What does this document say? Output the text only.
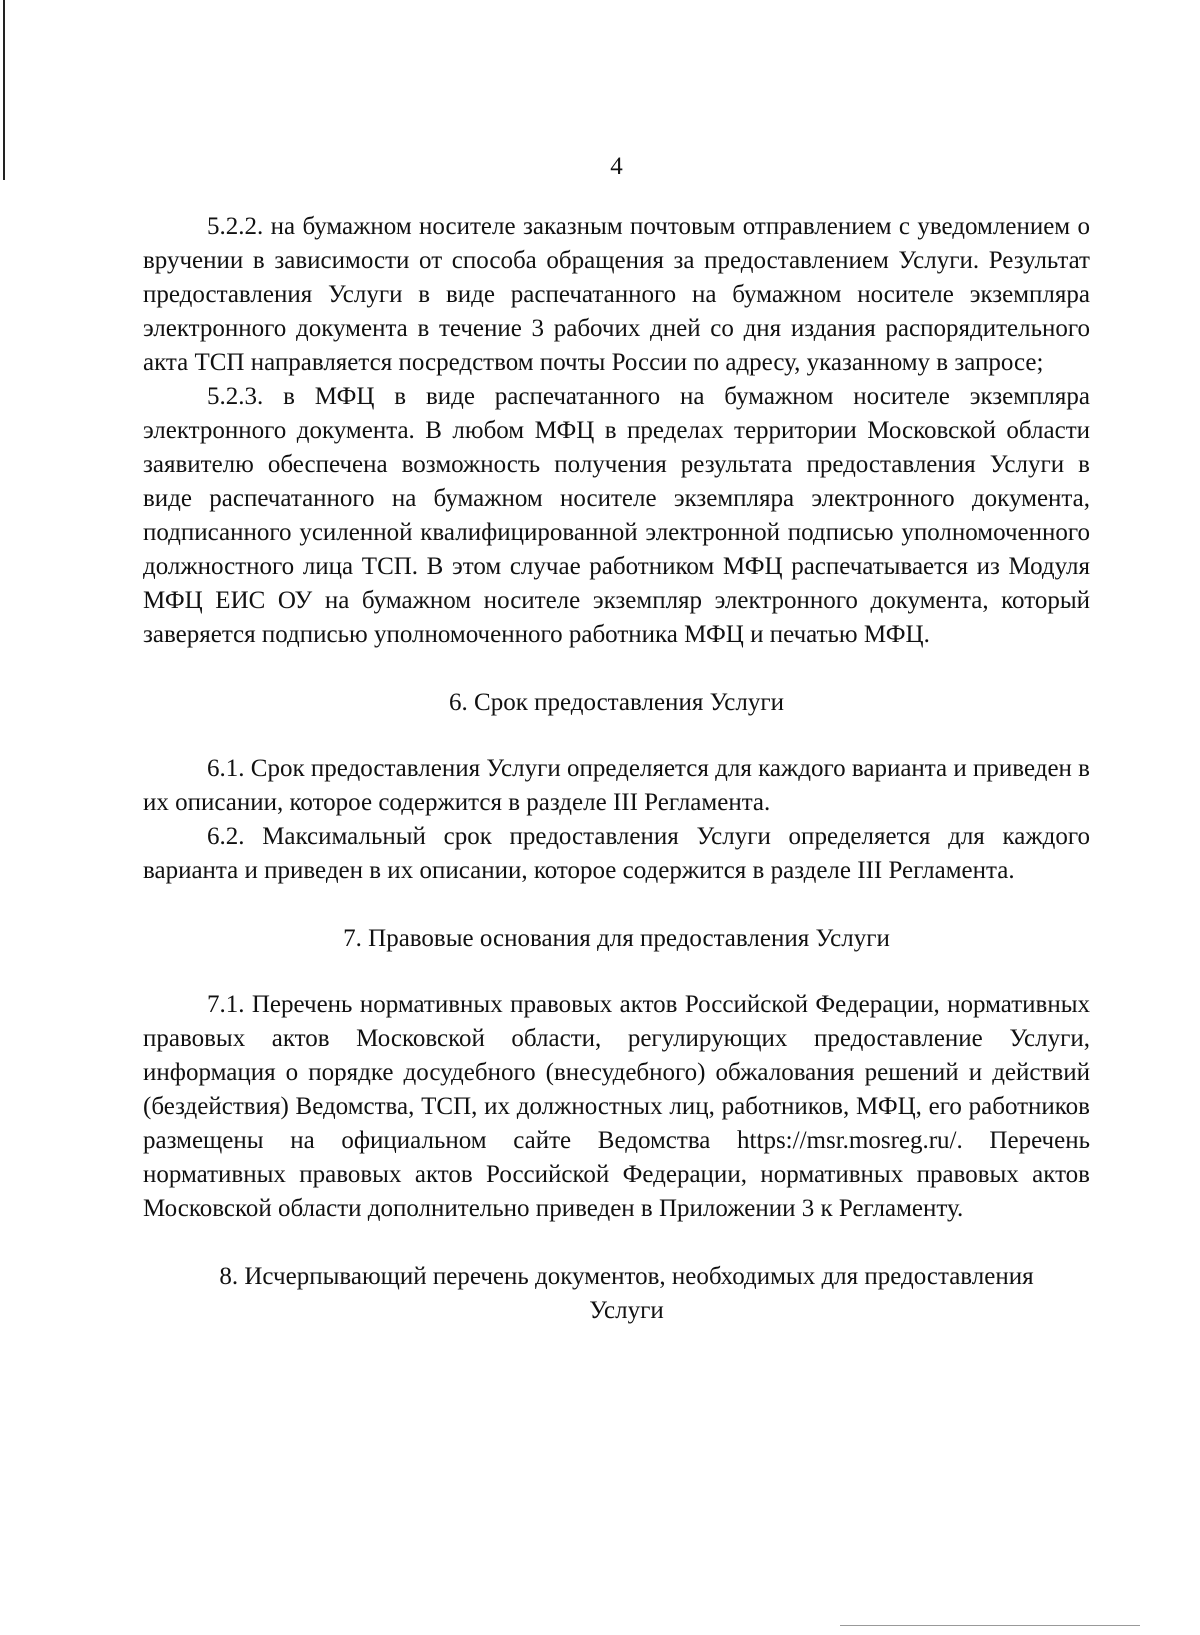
4

5.2.2. на бумажном носителе заказным почтовым отправлением с уведомлением о вручении в зависимости от способа обращения за предоставлением Услуги. Результат предоставления Услуги в виде распечатанного на бумажном носителе экземпляра электронного документа в течение 3 рабочих дней со дня издания распорядительного акта ТСП направляется посредством почты России по адресу, указанному в запросе;

5.2.3. в МФЦ в виде распечатанного на бумажном носителе экземпляра электронного документа. В любом МФЦ в пределах территории Московской области заявителю обеспечена возможность получения результата предоставления Услуги в виде распечатанного на бумажном носителе экземпляра электронного документа, подписанного усиленной квалифицированной электронной подписью уполномоченного должностного лица ТСП. В этом случае работником МФЦ распечатывается из Модуля МФЦ ЕИС ОУ на бумажном носителе экземпляр электронного документа, который заверяется подписью уполномоченного работника МФЦ и печатью МФЦ.

6. Срок предоставления Услуги

6.1. Срок предоставления Услуги определяется для каждого варианта и приведен в их описании, которое содержится в разделе III Регламента.

6.2. Максимальный срок предоставления Услуги определяется для каждого варианта и приведен в их описании, которое содержится в разделе III Регламента.

7. Правовые основания для предоставления Услуги

7.1. Перечень нормативных правовых актов Российской Федерации, нормативных правовых актов Московской области, регулирующих предоставление Услуги, информация о порядке досудебного (внесудебного) обжалования решений и действий (бездействия) Ведомства, ТСП, их должностных лиц, работников, МФЦ, его работников размещены на официальном сайте Ведомства https://msr.mosreg.ru/. Перечень нормативных правовых актов Российской Федерации, нормативных правовых актов Московской области дополнительно приведен в Приложении 3 к Регламенту.

8. Исчерпывающий перечень документов, необходимых для предоставления Услуги
